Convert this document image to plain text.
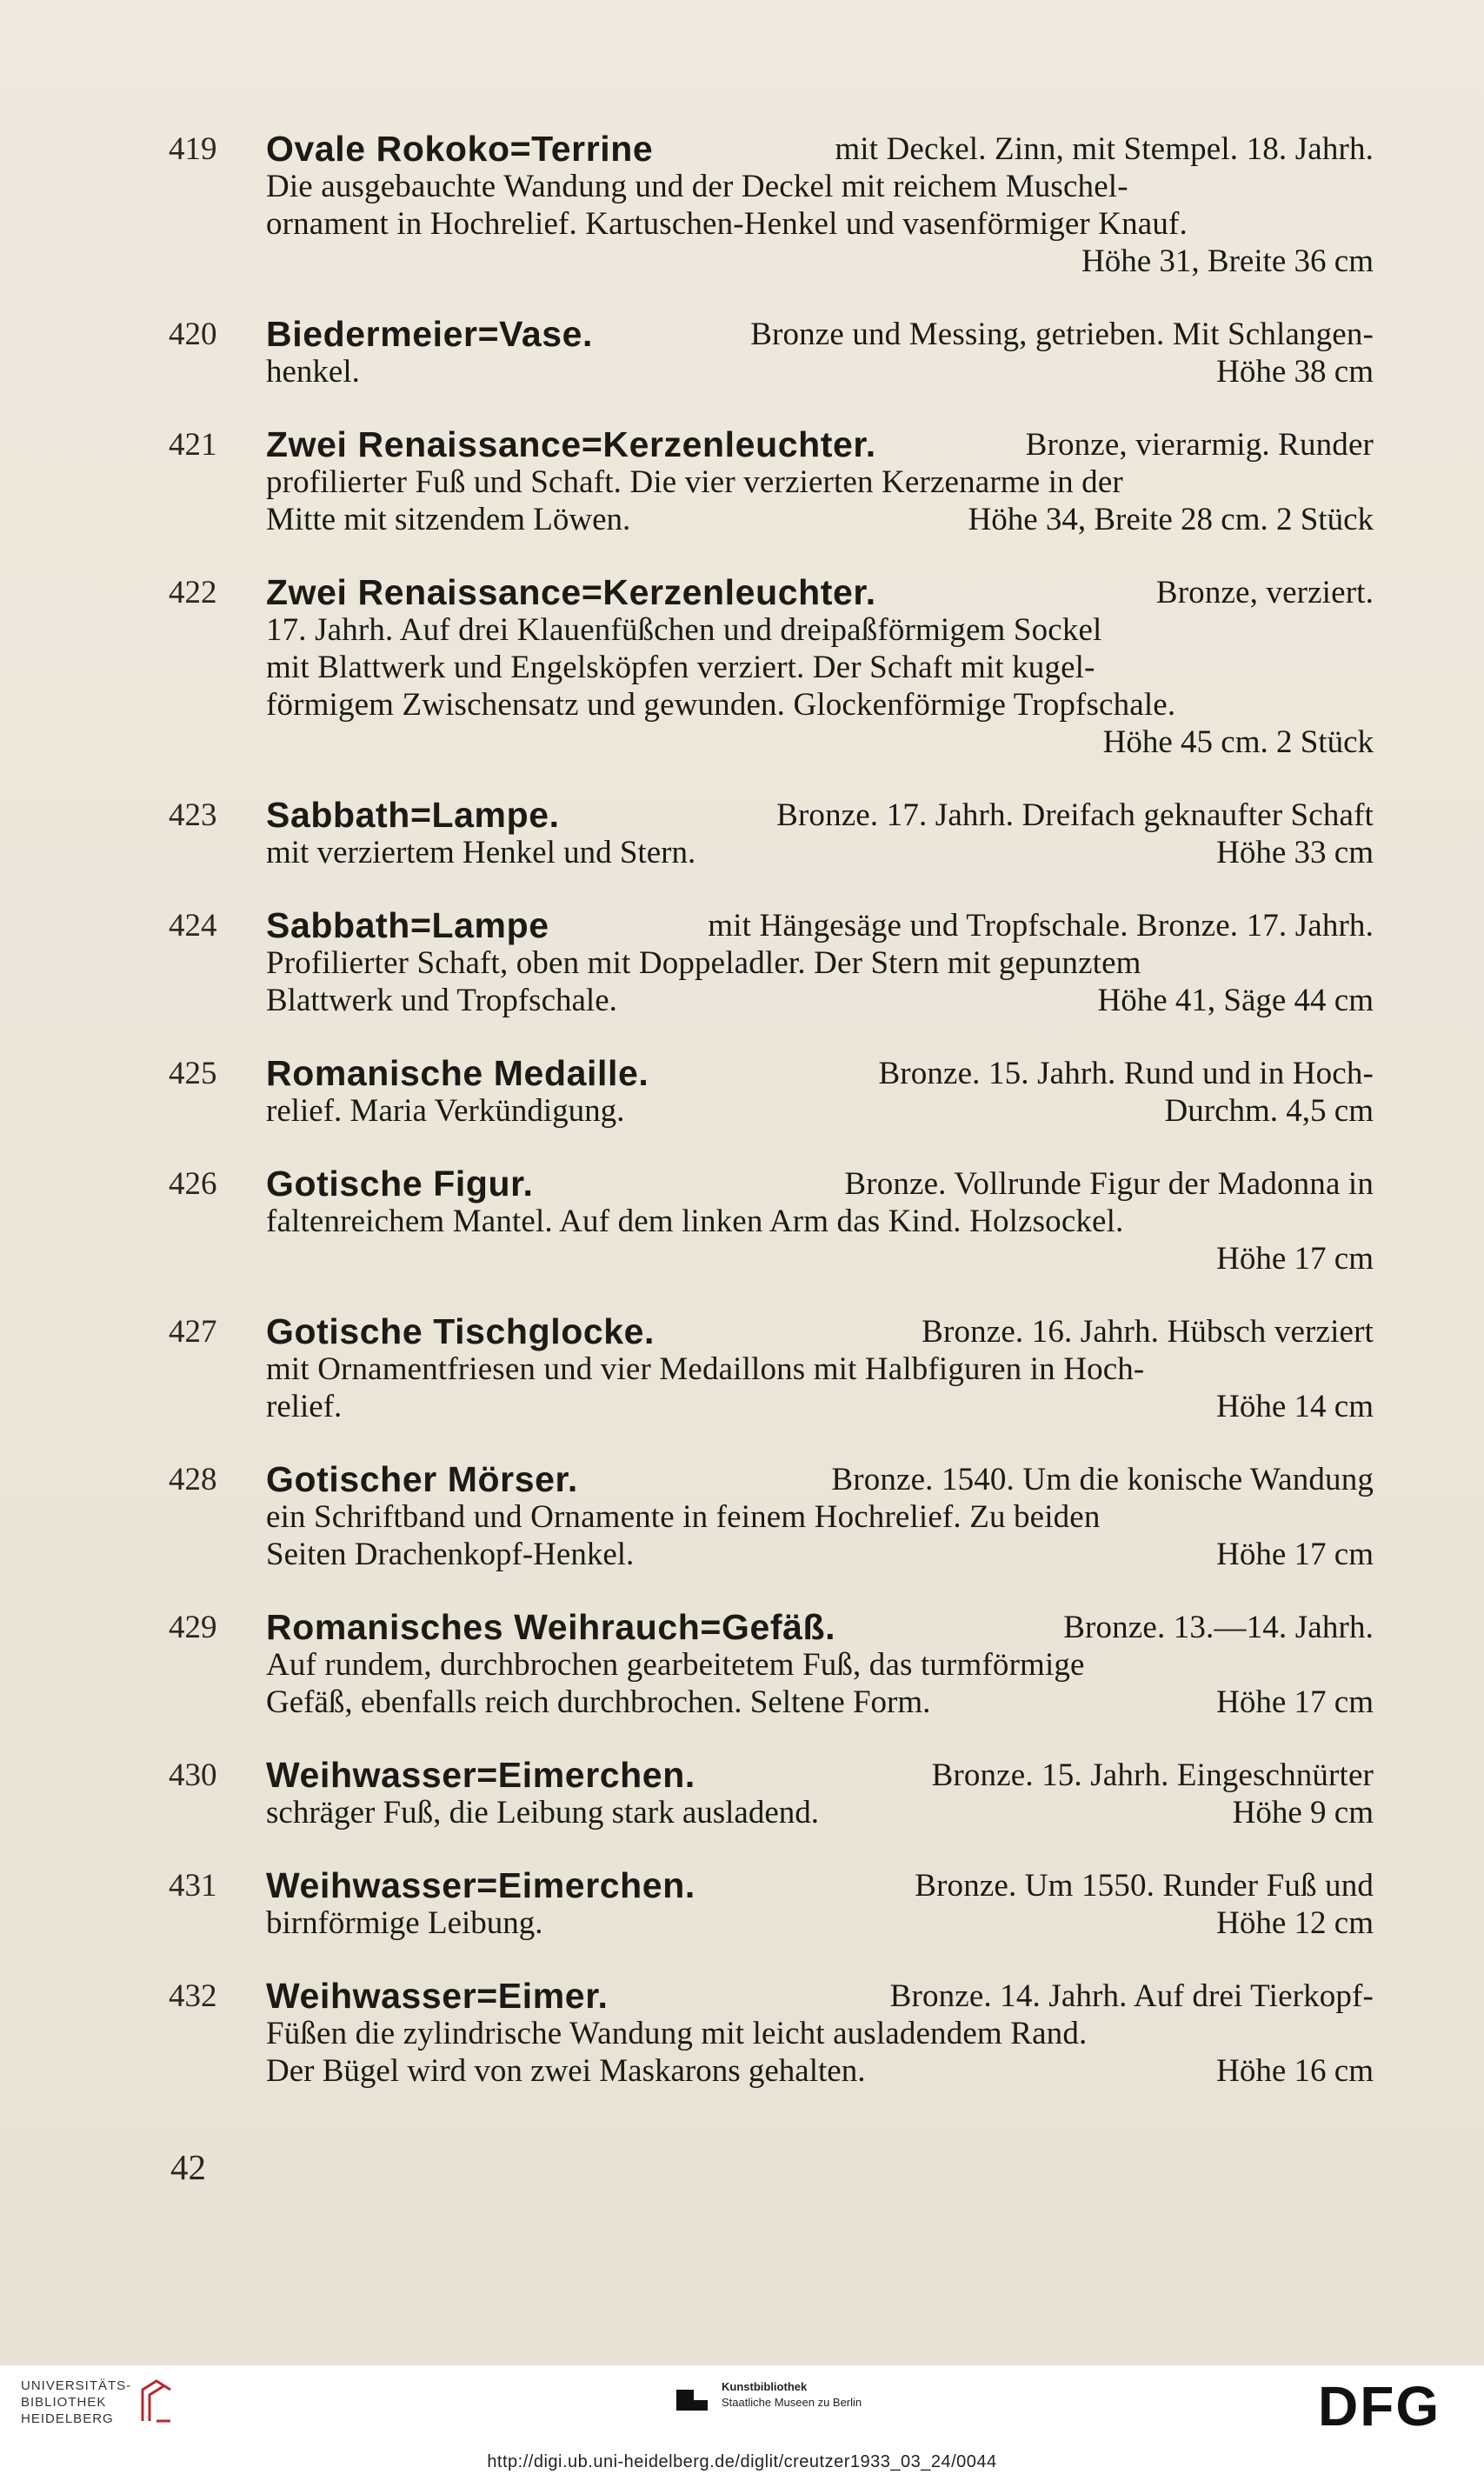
419	Ovale Rokoko=Terrine	mit Deckel. Zinn, mit Stempel. 18. Jahrh.
Die ausgebauchte Wandung und der Deckel mit reichem Muschel-
ornament in Hochrelief. Kartuschen-Henkel und vasenförmiger Knauf.
Höhe 31, Breite 36 cm
420	Biedermeier=Vase.	Bronze und Messing, getrieben. Mit Schlangen-
henkel.	Höhe 38 cm
421	Zwei Renaissance=Kerzenleuchter.	Bronze, vierarmig. Runder
profilierter Fuß und Schaft. Die vier verzierten Kerzenarme in der
Mitte mit sitzendem Löwen.	Höhe 34, Breite 28 cm. 2 Stück
422	Zwei Renaissance=Kerzenleuchter.	Bronze, verziert.
17. Jahrh. Auf drei Klauenfüßchen und dreipaßförmigem Sockel
mit Blattwerk und Engelsköpfen verziert. Der Schaft mit kugel-
förmigem Zwischensatz und gewunden. Glockenförmige Tropfschale.
Höhe 45 cm. 2 Stück
423	Sabbath=Lampe.	Bronze. 17. Jahrh. Dreifach geknaufter Schaft
mit verziertem Henkel und Stern.	Höhe 33 cm
424	Sabbath=Lampe	mit Hängesäge und Tropfschale. Bronze. 17. Jahrh.
Profilierter Schaft, oben mit Doppeladler. Der Stern mit gepunztem
Blattwerk und Tropfschale.	Höhe 41, Säge 44 cm
425	Romanische Medaille.	Bronze. 15. Jahrh. Rund und in Hoch-
relief. Maria Verkündigung.	Durchm. 4,5 cm
426	Gotische Figur.	Bronze. Vollrunde Figur der Madonna in
faltenreichem Mantel. Auf dem linken Arm das Kind. Holzsockel.
Höhe 17 cm
427	Gotische Tischglocke.	Bronze. 16. Jahrh. Hübsch verziert
mit Ornamentfriesen und vier Medaillons mit Halbfiguren in Hoch-
relief.	Höhe 14 cm
428	Gotischer Mörser.	Bronze. 1540. Um die konische Wandung
ein Schriftband und Ornamente in feinem Hochrelief. Zu beiden
Seiten Drachenkopf-Henkel.	Höhe 17 cm
429	Romanisches Weihrauch=Gefäß.	Bronze. 13.—14. Jahrh.
Auf rundem, durchbrochen gearbeitetem Fuß, das turmförmige
Gefäß, ebenfalls reich durchbrochen. Seltene Form.	Höhe 17 cm
430	Weihwasser=Eimerchen.	Bronze. 15. Jahrh. Eingeschnürter
schräger Fuß, die Leibung stark ausladend.	Höhe 9 cm
431	Weihwasser=Eimerchen.	Bronze. Um 1550. Runder Fuß und
birnförmige Leibung.	Höhe 12 cm
432	Weihwasser=Eimer.	Bronze. 14. Jahrh. Auf drei Tierkopf-
Füßen die zylindrische Wandung mit leicht ausladendem Rand.
Der Bügel wird von zwei Maskarons gehalten.	Höhe 16 cm
42
UNIVERSITÄTS-
BIBLIOTHEK
HEIDELBERG
Kunstbibliothek
Staatliche Museen zu Berlin	DFG
http://digi.ub.uni-heidelberg.de/diglit/creutzer1933_03_24/0044
